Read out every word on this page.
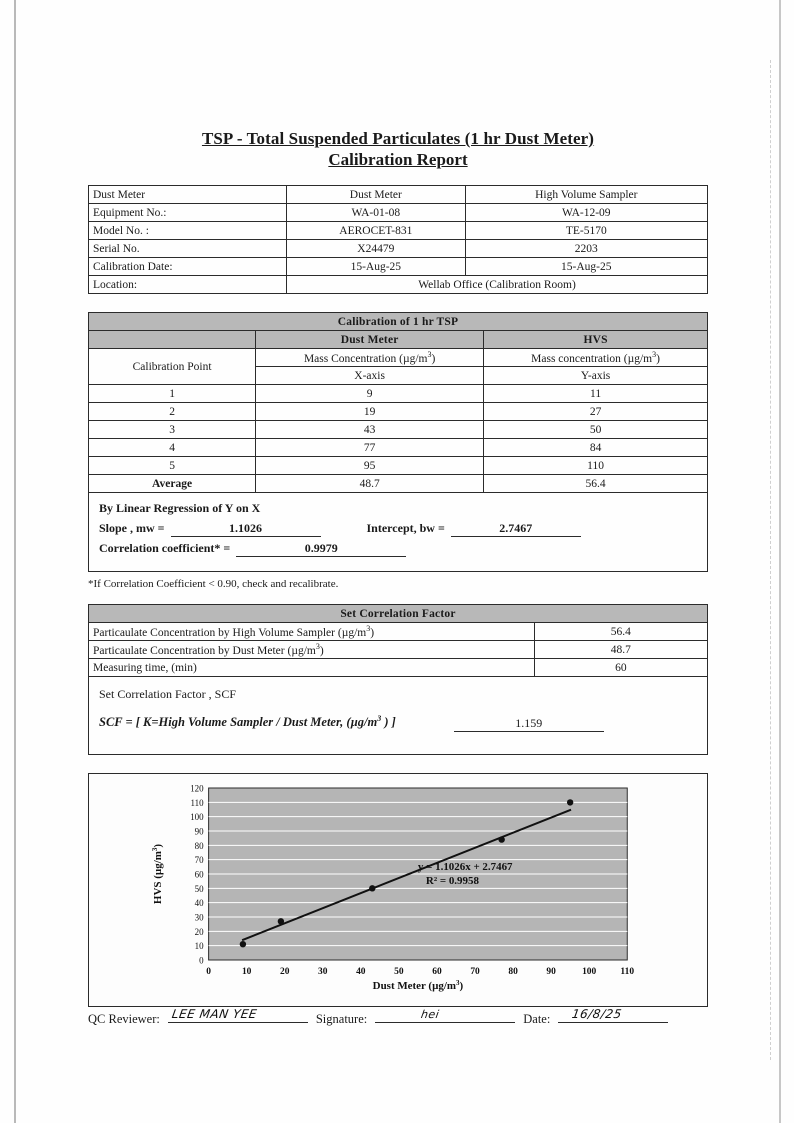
TSP - Total Suspended Particulates (1 hr Dust Meter)
Calibration Report
Dust Meter	Dust Meter	High Volume Sampler
Equipment No.:	WA-01-08	WA-12-09
Model No. :	AEROCET-831	TE-5170
Serial No.	X24479	2203
Calibration Date:	15-Aug-25	15-Aug-25
Location:	Wellab Office (Calibration Room)	
Calibration of 1 hr TSP		
	Dust Meter	HVS
Calibration Point	Mass Concentration $(\mu g/m^3)$	Mass concentration $(\mu g/m^3)$
	X-axis	Y-axis
1	9	11
2	19	27
3	43	50
4	77	84
5	95	110
Average	48.7	56.4
By Linear Regression of Y on X
Slope , mw =	1.1026	Intercept, bw =	2.7467
Correlation coefficient* =	0.9979
*If Correlation Coefficient < 0.90, check and recalibrate.
Set Correlation Factor	
Particaulate Concentration by High Volume Sampler $(\mu g/m^3)$	56.4
Particaulate Concentration by Dust Meter $(\mu g/m^3)$	48.7
Measuring time, (min)	60
Set Correlation Factor , SCF
SCF = [ K=High Volume Sampler / Dust Meter, ($\mu g/m^3$ ) ]	1.159
y = 1.1026x + 2.7467
R² = 0.9958
120
110
100
90
80
70
60
50
40
30
20
10
0
0	10	20	30	40	50	60	70	80	90	100	110
Dust Meter $(\mu g/m^3)$
HVS $(\mu g/m^3)$
QC Reviewer: LEE MAN YEE	Signature:	hei	Date: 16/8/25
